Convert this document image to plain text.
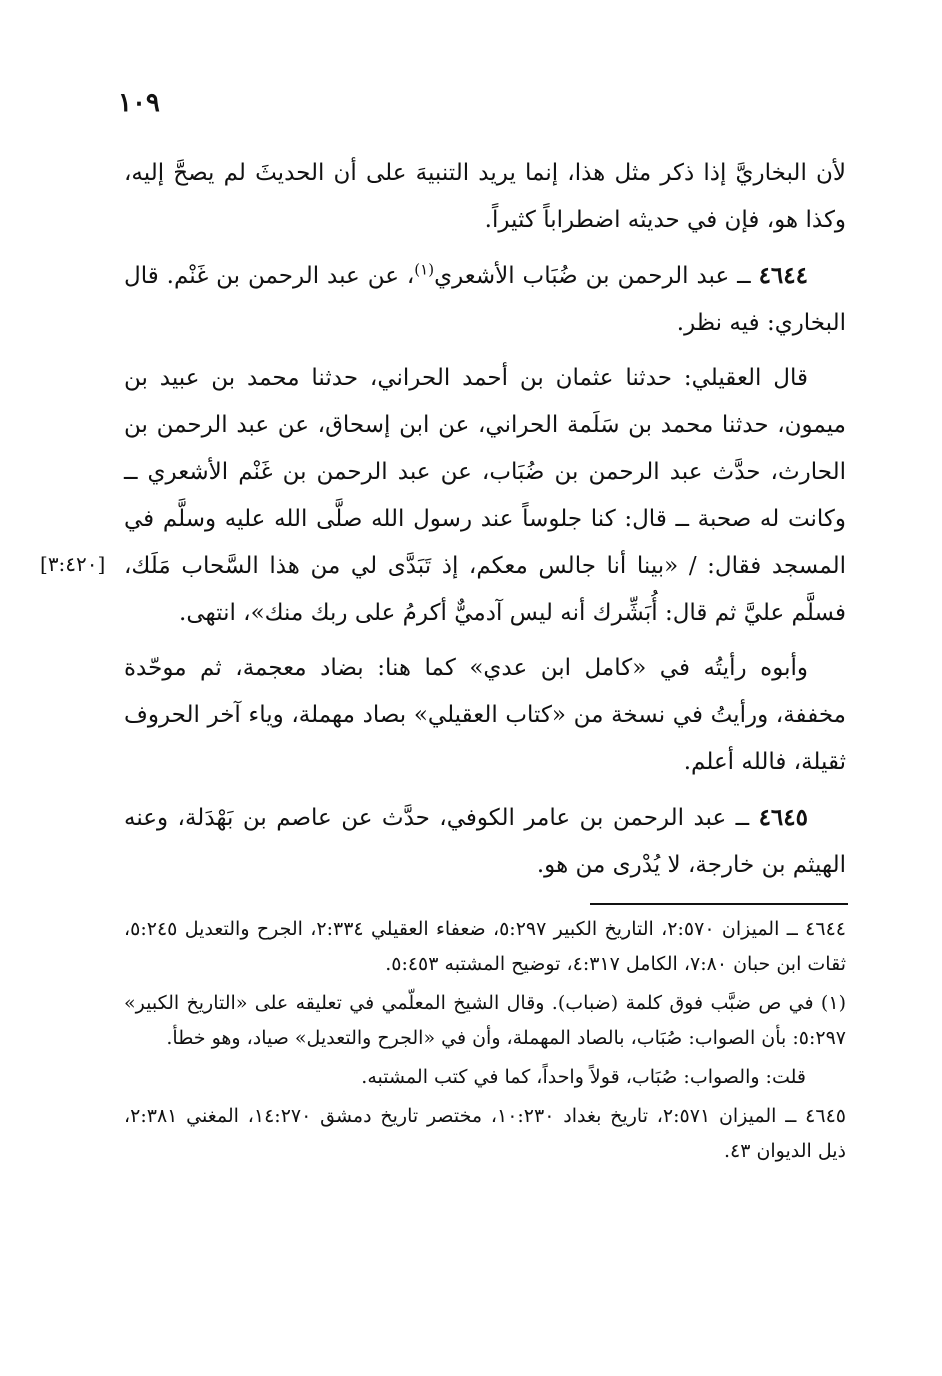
١٠٩
[٣:٤٢٠]

لأن البخاريَّ إذا ذكر مثل هذا، إنما يريد التنبيهَ على أن الحديثَ لم يصحَّ إليه، وكذا هو، فإن في حديثه اضطراباً كثيراً.

٤٦٤٤ ــ عبد الرحمن بن ضُبَاب الأشعري$^{(١)}$، عن عبد الرحمن بن غَنْم. قال البخاري: فيه نظر.

قال العقيلي: حدثنا عثمان بن أحمد الحراني، حدثنا محمد بن عبيد بن ميمون، حدثنا محمد بن سَلَمة الحراني، عن ابن إسحاق، عن عبد الرحمن بن الحارث، حدَّث عبد الرحمن بن ضُبَاب، عن عبد الرحمن بن غَنْم الأشعري ــ وكانت له صحبة ــ قال: كنا جلوساً عند رسول الله صلَّى الله عليه وسلَّم في المسجد فقال: / «بينا أنا جالس معكم، إذ تَبَدَّى لي من هذا السَّحاب مَلَك، فسلَّم عليَّ ثم قال: أُبَشِّرك أنه ليس آدميٌّ أكرمُ على ربك منك»، انتهى.

وأبوه رأيتُه في «كامل ابن عدي» كما هنا: بضاد معجمة، ثم موحّدة مخففة، ورأيتُ في نسخة من «كتاب العقيلي» بصاد مهملة، وياء آخر الحروف ثقيلة، فالله أعلم.

٤٦٤٥ ــ عبد الرحمن بن عامر الكوفي، حدَّث عن عاصم بن بَهْدَلة، وعنه الهيثم بن خارجة، لا يُدْرى من هو.

٤٦٤٤ ــ الميزان ٢:٥٧٠، التاريخ الكبير ٥:٢٩٧، ضعفاء العقيلي ٢:٣٣٤، الجرح والتعديل ٥:٢٤٥، ثقات ابن حبان ٧:٨٠، الكامل ٤:٣١٧، توضيح المشتبه ٥:٤٥٣.

(١) في ص ضبَّب فوق كلمة (ضباب). وقال الشيخ المعلّمي في تعليقه على «التاريخ الكبير» ٥:٢٩٧: بأن الصواب: صُبَاب، بالصاد المهملة، وأن في «الجرح والتعديل» صياد، وهو خطأ.

قلت: والصواب: صُبَاب، قولاً واحداً، كما في كتب المشتبه.

٤٦٤٥ ــ الميزان ٢:٥٧١، تاريخ بغداد ١٠:٢٣٠، مختصر تاريخ دمشق ١٤:٢٧٠، المغني ٢:٣٨١، ذيل الديوان ٤٣.
